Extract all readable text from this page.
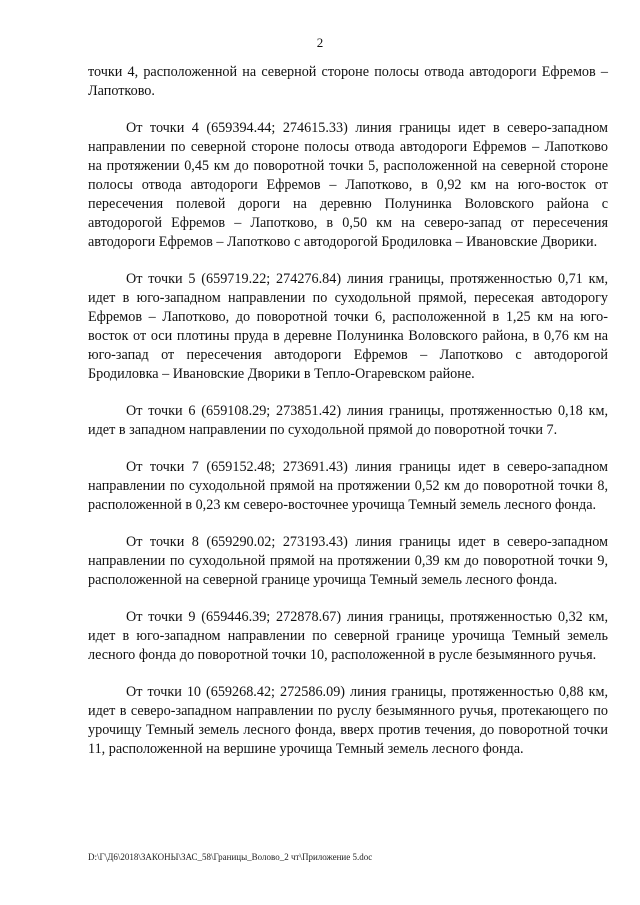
2

точки 4, расположенной на северной стороне полосы отвода автодороги Ефремов – Лапотково.

От точки 4 (659394.44; 274615.33) линия границы идет в северо-западном направлении по северной стороне полосы отвода автодороги Ефремов – Лапотково на протяжении 0,45 км до поворотной точки 5, расположенной на северной стороне полосы отвода автодороги Ефремов – Лапотково, в 0,92 км на юго-восток от пересечения полевой дороги на деревню Полунинка Воловского района с автодорогой Ефремов – Лапотково, в 0,50 км на северо-запад от пересечения автодороги Ефремов – Лапотково с автодорогой Бродиловка – Ивановские Дворики.

От точки 5 (659719.22; 274276.84) линия границы, протяженностью 0,71 км, идет в юго-западном направлении по суходольной прямой, пересекая автодорогу Ефремов – Лапотково, до поворотной точки 6, расположенной в 1,25 км на юго-восток от оси плотины пруда в деревне Полунинка Воловского района, в 0,76 км на юго-запад от пересечения автодороги Ефремов – Лапотково с автодорогой Бродиловка – Ивановские Дворики в Тепло-Огаревском районе.

От точки 6 (659108.29; 273851.42) линия границы, протяженностью 0,18 км, идет в западном направлении по суходольной прямой до поворотной точки 7.

От точки 7 (659152.48; 273691.43) линия границы идет в северо-западном направлении по суходольной прямой на протяжении 0,52 км до поворотной точки 8, расположенной в 0,23 км северо-восточнее урочища Темный земель лесного фонда.

От точки 8 (659290.02; 273193.43) линия границы идет в северо-западном направлении по суходольной прямой на протяжении 0,39 км до поворотной точки 9, расположенной на северной границе урочища Темный земель лесного фонда.

От точки 9 (659446.39; 272878.67) линия границы, протяженностью 0,32 км, идет в юго-западном направлении по северной границе урочища Темный земель лесного фонда до поворотной точки 10, расположенной в русле безымянного ручья.

От точки 10 (659268.42; 272586.09) линия границы, протяженностью 0,88 км, идет в северо-западном направлении по руслу безымянного ручья, протекающего по урочищу Темный земель лесного фонда, вверх против течения, до поворотной точки 11, расположенной на вершине урочища Темный земель лесного фонда.

D:\Г\Д6\2018\ЗАКОНЫ\ЗАС_58\Границы_Волово_2 чт\Приложение 5.doc
